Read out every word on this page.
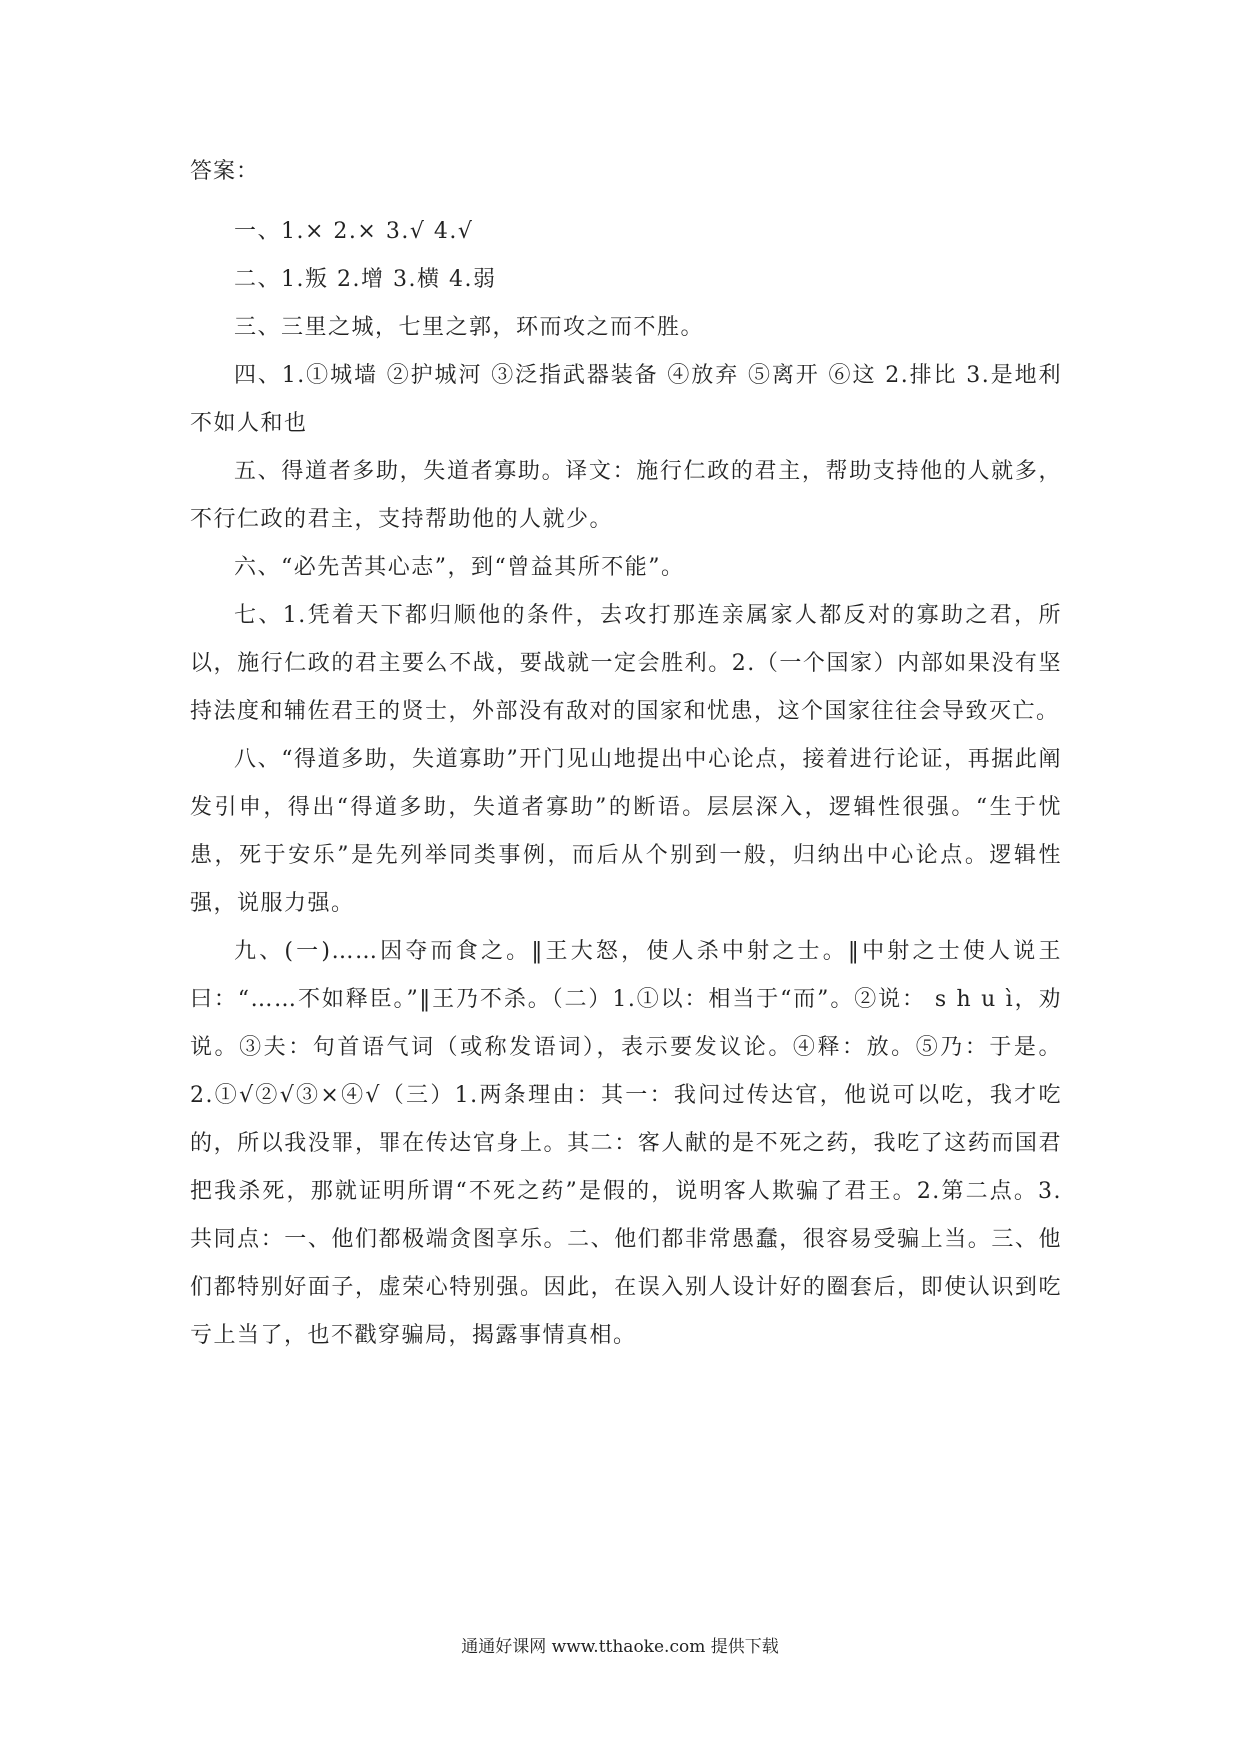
答案：

一、1.× 2.× 3.√ 4.√

二、1.叛 2.增 3.横 4.弱

三、三里之城，七里之郭，环而攻之而不胜。

四、1.①城墙 ②护城河 ③泛指武器装备 ④放弃 ⑤离开 ⑥这 2.排比 3.是地利不如人和也

五、得道者多助，失道者寡助。译文：施行仁政的君主，帮助支持他的人就多，不行仁政的君主，支持帮助他的人就少。

六、“必先苦其心志”，到“曾益其所不能”。

七、1.凭着天下都归顺他的条件，去攻打那连亲属家人都反对的寡助之君，所以，施行仁政的君主要么不战，要战就一定会胜利。2.（一个国家）内部如果没有坚持法度和辅佐君王的贤士，外部没有敌对的国家和忧患，这个国家往往会导致灭亡。

八、“得道多助，失道寡助”开门见山地提出中心论点，接着进行论证，再据此阐发引申，得出“得道多助，失道者寡助”的断语。层层深入，逻辑性很强。“生于忧患，死于安乐”是先列举同类事例，而后从个别到一般，归纳出中心论点。逻辑性强，说服力强。

九、(一)……因夺而食之。‖王大怒，使人杀中射之士。‖中射之士使人说王曰：“……不如释臣。”‖王乃不杀。（二）1.①以：相当于“而”。②说： s h u ì，劝说。③夫：句首语气词（或称发语词），表示要发议论。④释：放。⑤乃：于是。2.①√②√③×④√（三）1.两条理由：其一：我问过传达官，他说可以吃，我才吃的，所以我没罪，罪在传达官身上。其二：客人献的是不死之药，我吃了这药而国君把我杀死，那就证明所谓“不死之药”是假的，说明客人欺骗了君王。2.第二点。3.共同点：一、他们都极端贪图享乐。二、他们都非常愚蠢，很容易受骗上当。三、他们都特别好面子，虚荣心特别强。因此，在误入别人设计好的圈套后，即使认识到吃亏上当了，也不戳穿骗局，揭露事情真相。

通通好课网 www.tthaoke.com 提供下载
